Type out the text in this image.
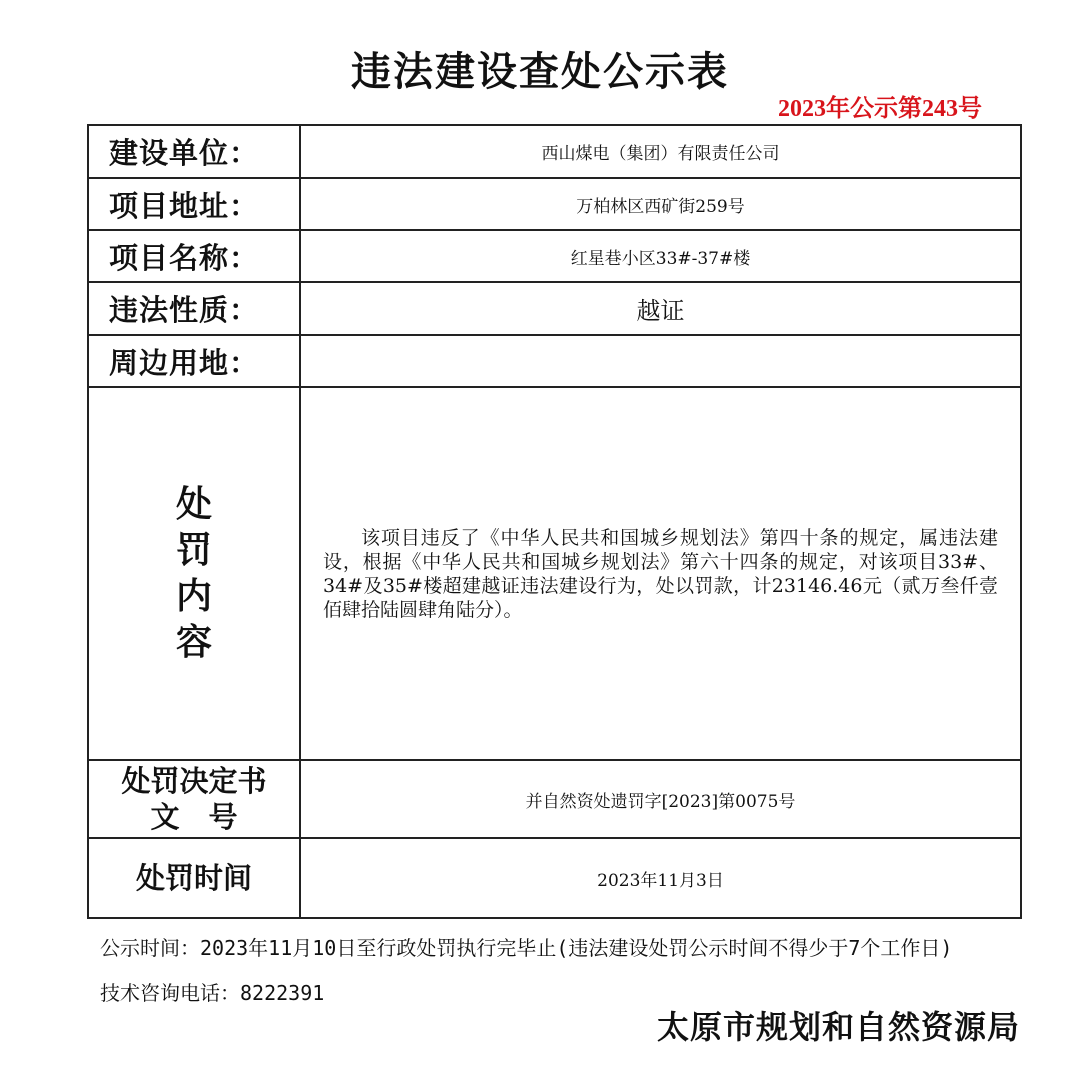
违法建设查处公示表
2023年公示第243号
建设单位：	西山煤电（集团）有限责任公司
项目地址：	万柏林区西矿街259号
项目名称：	红星巷小区33#-37#楼
违法性质：	越证
周边用地：	

处
罚
内
容	该项目违反了《中华人民共和国城乡规划法》第四十条的规定，属违法建设，根据《中华人民共和国城乡规划法》第六十四条的规定，对该项目33#、34#及35#楼超建越证违法建设行为，处以罚款，计23146.46元（贰万叁仟壹佰肆拾陆圆肆角陆分）。

处罚决定书
文　号	并自然资处遗罚字[2023]第0075号
处罚时间	2023年11月3日
公示时间：2023年11月10日至行政处罚执行完毕止(违法建设处罚公示时间不得少于7个工作日)
技术咨询电话：8222391
太原市规划和自然资源局
